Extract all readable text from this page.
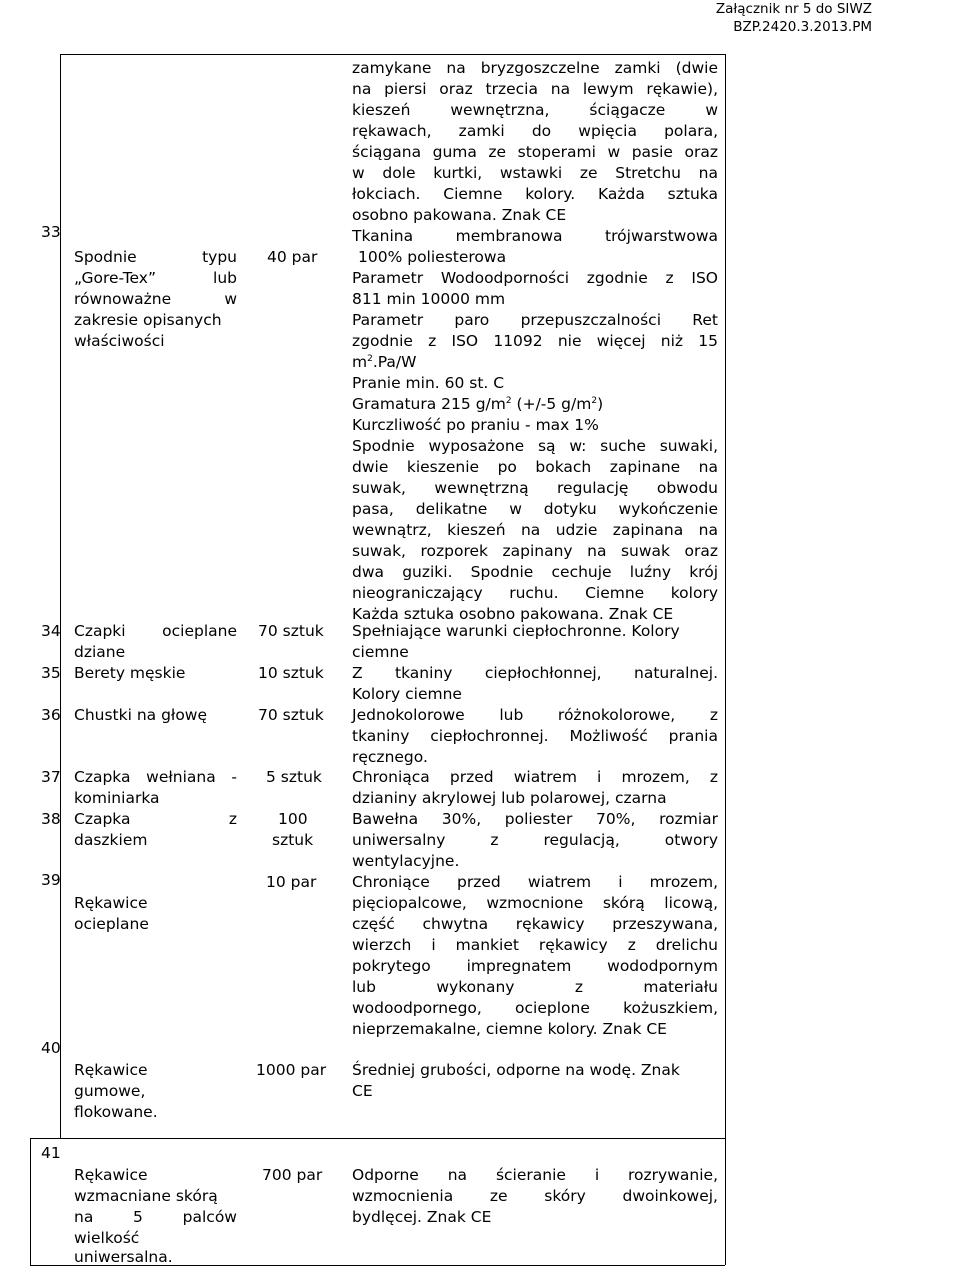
Załącznik nr 5 do SIWZ
BZP.2420.3.2013.PM
zamykane na bryzgoszczelne zamki (dwie
na piersi oraz trzecia na lewym rękawie),
kieszeń wewnętrzna, ściągacze w
rękawach, zamki do wpięcia polara,
ściągana guma ze stoperami w pasie oraz
w dole kurtki, wstawki ze Stretchu na
łokciach. Ciemne kolory. Każda sztuka
osobno pakowana. Znak CE
33
Spodnie typu
„Gore-Tex” lub
równoważne w
zakresie opisanych
właściwości
40 par
Tkanina membranowa trójwarstwowa
100% poliesterowa
Parametr Wodoodporności zgodnie z ISO
811 min 10000 mm
Parametr paro przepuszczalności Ret
zgodnie z ISO 11092 nie więcej niż 15
$m^2.Pa/W$
Pranie min. 60 st. C
Gramatura 215 $g/m^2$ (+/-5 $g/m^2$)
Kurczliwość po praniu - max 1%
Spodnie wyposażone są w: suche suwaki,
dwie kieszenie po bokach zapinane na
suwak, wewnętrzną regulację obwodu
pasa, delikatne w dotyku wykończenie
wewnątrz, kieszeń na udzie zapinana na
suwak, rozporek zapinany na suwak oraz
dwa guziki. Spodnie cechuje luźny krój
nieograniczający ruchu. Ciemne kolory
Każda sztuka osobno pakowana. Znak CE
34 Czapki ocieplane
dziane
70 sztuk Spełniające warunki ciepłochronne. Kolory
ciemne
35 Berety męskie	10 sztuk Z tkaniny ciepłochłonnej, naturalnej.
Kolory ciemne
36 Chustki na głowę	70 sztuk Jednokolorowe lub różnokolorowe, z
tkaniny ciepłochronnej. Możliwość prania
ręcznego.
37 Czapka wełniana -
kominiarka
5 sztuk Chroniąca przed wiatrem i mrozem, z
dzianiny akrylowej lub polarowej, czarna
38 Czapka z
daszkiem
100
sztuk
Bawełna 30%, poliester 70%, rozmiar
uniwersalny z regulacją, otwory
wentylacyjne.
39
Rękawice
ocieplane
10 par Chroniące przed wiatrem i mrozem,
pięciopalcowe, wzmocnione skórą licową,
część chwytna rękawicy przeszywana,
wierzch i mankiet rękawicy z drelichu
pokrytego impregnatem wododpornym
lub wykonany z materiału
wodoodpornego, ocieplone kożuszkiem,
nieprzemakalne, ciemne kolory. Znak CE
40
Rękawice
gumowe,
flokowane.
1000 par Średniej grubości, odporne na wodę. Znak
CE
41
Rękawice
wzmacniane skórą
na 5 palców
wielkość
uniwersalna.
700 par Odporne na ścieranie i rozrywanie,
wzmocnienia ze skóry dwoinkowej,
bydlęcej. Znak CE
